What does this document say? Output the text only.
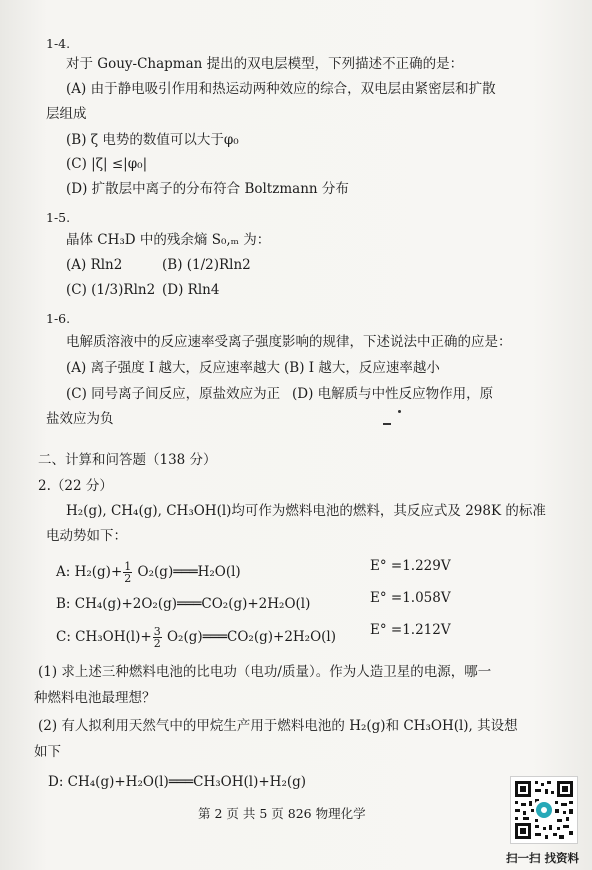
1-4.
对于 Gouy-Chapman 提出的双电层模型，下列描述不正确的是：
(A) 由于静电吸引作用和热运动两种效应的综合，双电层由紧密层和扩散
层组成
(B) ζ 电势的数值可以大于φ₀
(C) |ζ| ≤|φ₀|
(D) 扩散层中离子的分布符合 Boltzmann 分布
1-5.
晶体 CH₃D 中的残余熵 S₀,ₘ 为：
(A) Rln2	(B) (1/2)Rln2
(C) (1/3)Rln2 (D) Rln4
1-6.
电解质溶液中的反应速率受离子强度影响的规律，下述说法中正确的应是：
(A) 离子强度 I 越大，反应速率越大 (B) I 越大，反应速率越小
(C) 同号离子间反应，原盐效应为正 (D) 电解质与中性反应物作用，原
盐效应为负
二、计算和问答题（138 分）
2.（22 分）
H₂(g), CH₄(g), CH₃OH(l)均可作为燃料电池的燃料，其反应式及 298K 的标准
电动势如下：
A: $H_2(g)+ \frac{1}{2}$ O₂(g)═══H₂O(l)	E° =1.229V
B: CH₄(g)+2O₂(g)═══CO₂(g)+2H₂O(l)	E° =1.058V
C: $CH_3OH(l)+ \frac{3}{2}$ O₂(g)═══CO₂(g)+2H₂O(l)	E° =1.212V
(1) 求上述三种燃料电池的比电功（电功/质量）。作为人造卫星的电源，哪一
种燃料电池最理想？
(2) 有人拟利用天然气中的甲烷生产用于燃料电池的 H₂(g)和 CH₃OH(l), 其设想
如下
D: CH₄(g)+H₂O(l)═══CH₃OH(l)+H₂(g)
第 2 页 共 5 页 826 物理化学
扫一扫 找资料
